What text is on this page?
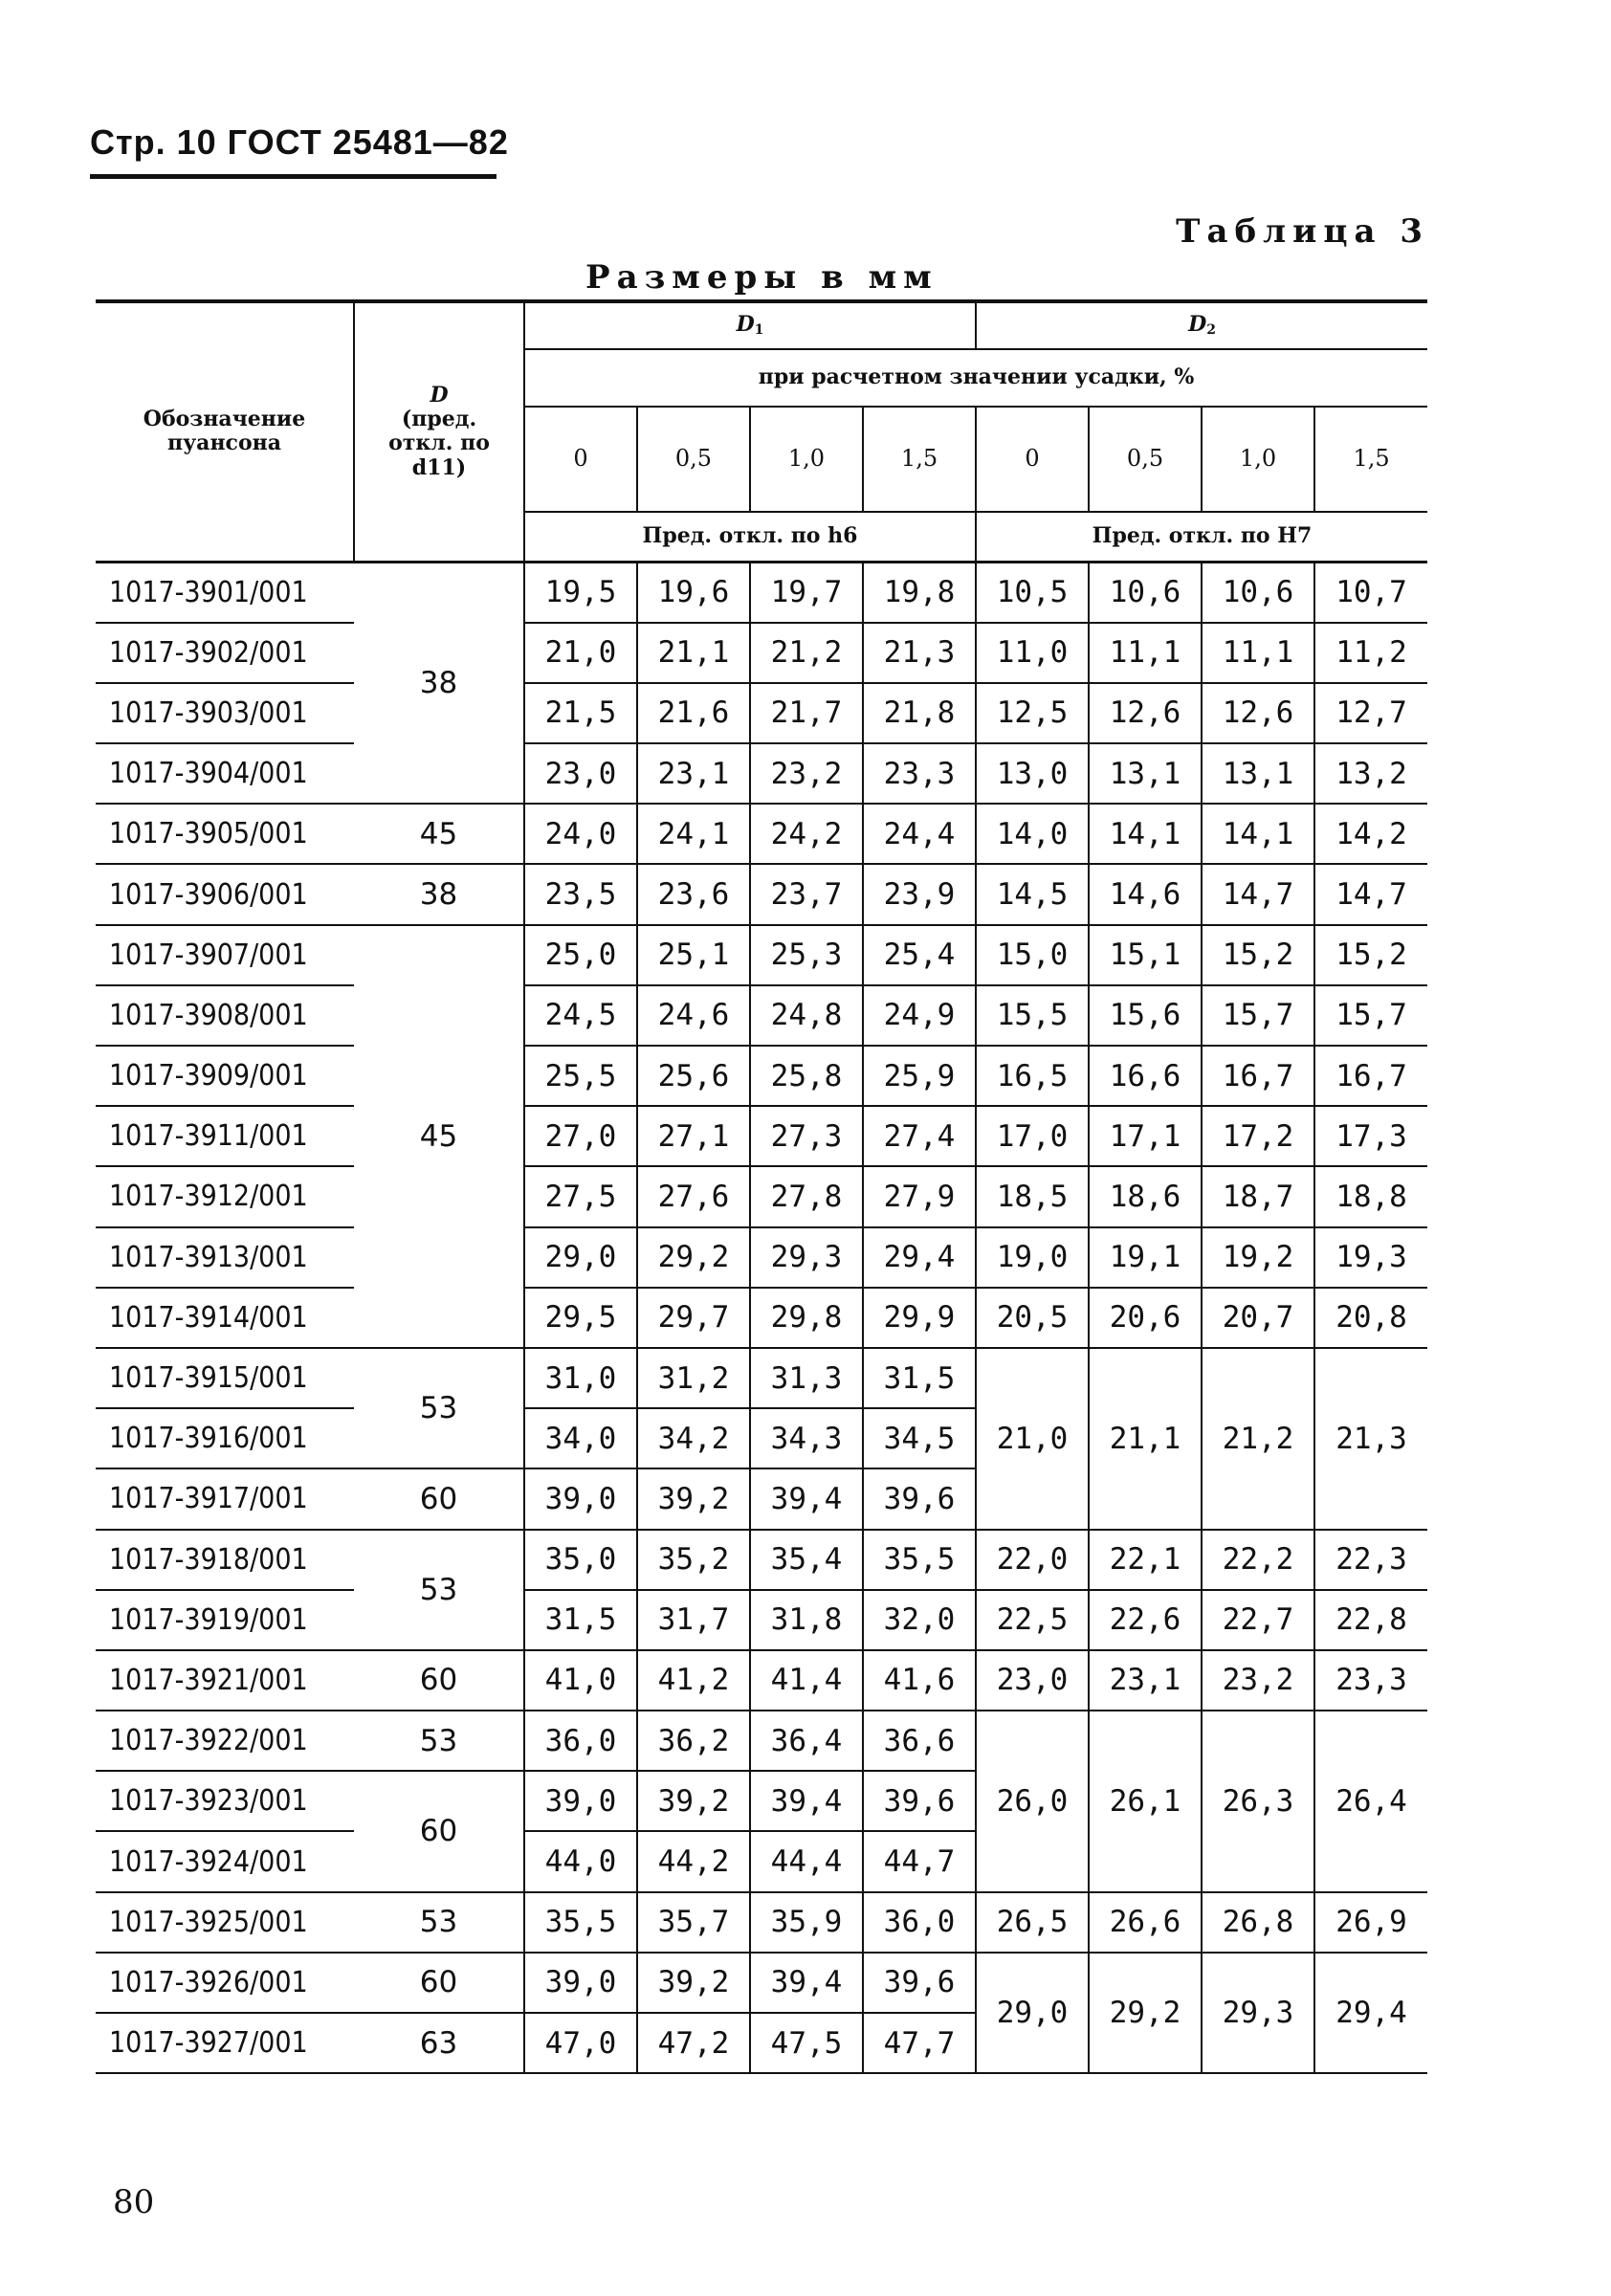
Стр. 10 ГОСТ 25481—82
Таблица 3
Размеры в мм
Обозначение пуансона	D
(пред. откл. по d11)	$D_1$				$D_2$
		при расчетном значении усадки, %							
		0	0,5	1,0	1,5	0	0,5	1,0	1,5
		Пред. откл. по h6				Пред. откл. по H7			
1017-3901/001	38	19,5	19,6	19,7	19,8	10,5	10,6	10,6	10,7
1017-3902/001		21,0	21,1	21,2	21,3	11,0	11,1	11,1	11,2
1017-3903/001		21,5	21,6	21,7	21,8	12,5	12,6	12,6	12,7
1017-3904/001		23,0	23,1	23,2	23,3	13,0	13,1	13,1	13,2
1017-3905/001	45	24,0	24,1	24,2	24,4	14,0	14,1	14,1	14,2
1017-3906/001	38	23,5	23,6	23,7	23,9	14,5	14,6	14,7	14,7
1017-3907/001	45	25,0	25,1	25,3	25,4	15,0	15,1	15,2	15,2
1017-3908/001		24,5	24,6	24,8	24,9	15,5	15,6	15,7	15,7
1017-3909/001		25,5	25,6	25,8	25,9	16,5	16,6	16,7	16,7
1017-3911/001		27,0	27,1	27,3	27,4	17,0	17,1	17,2	17,3
1017-3912/001		27,5	27,6	27,8	27,9	18,5	18,6	18,7	18,8
1017-3913/001		29,0	29,2	29,3	29,4	19,0	19,1	19,2	19,3
1017-3914/001		29,5	29,7	29,8	29,9	20,5	20,6	20,7	20,8
1017-3915/001	53	31,0	31,2	31,3	31,5	21,0	21,1	21,2	21,3
1017-3916/001		34,0	34,2	34,3	34,5				
1017-3917/001	60	39,0	39,2	39,4	39,6				
1017-3918/001	53	35,0	35,2	35,4	35,5	22,0	22,1	22,2	22,3
1017-3919/001		31,5	31,7	31,8	32,0	22,5	22,6	22,7	22,8
1017-3921/001	60	41,0	41,2	41,4	41,6	23,0	23,1	23,2	23,3
1017-3922/001	53	36,0	36,2	36,4	36,6	26,0	26,1	26,3	26,4
1017-3923/001	60	39,0	39,2	39,4	39,6				
1017-3924/001		44,0	44,2	44,4	44,7				
1017-3925/001	53	35,5	35,7	35,9	36,0	26,5	26,6	26,8	26,9
1017-3926/001	60	39,0	39,2	39,4	39,6	29,0	29,2	29,3	29,4
1017-3927/001	63	47,0	47,2	47,5	47,7				
80
